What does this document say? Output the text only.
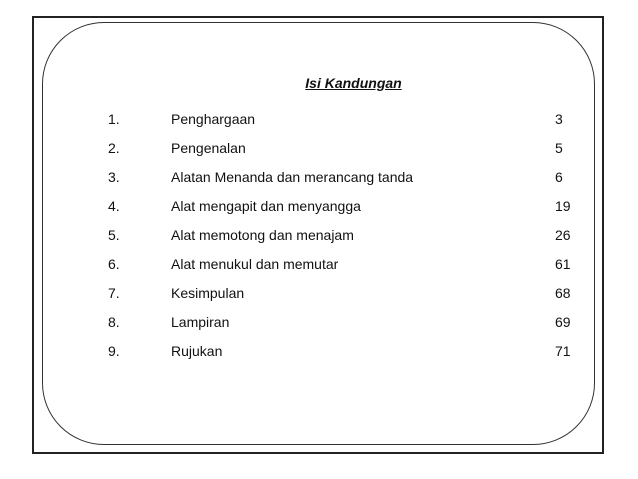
Isi Kandungan
1.	Penghargaan	3
2.	Pengenalan	5
3.	Alatan Menanda dan merancang tanda	6
4.	Alat mengapit dan menyangga	19
5.	Alat memotong dan menajam	26
6.	Alat menukul dan memutar	61
7.	Kesimpulan	68
8.	Lampiran	69
9.	Rujukan	71
